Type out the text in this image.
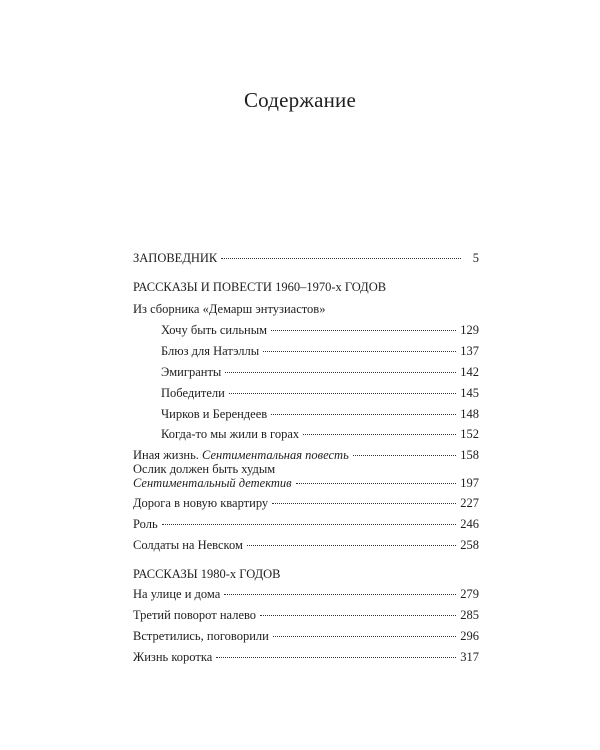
Содержание
ЗАПОВЕДНИК	5
РАССКАЗЫ И ПОВЕСТИ 1960–1970-х ГОДОВ
Из сборника «Демарш энтузиастов»
Хочу быть сильным	129
Блюз для Натэллы	137
Эмигранты	142
Победители	145
Чирков и Берендеев	148
Когда-то мы жили в горах	152
Иная жизнь. Сентиментальная повесть	158
Ослик должен быть худым
Сентиментальный детектив	197
Дорога в новую квартиру	227
Роль	246
Солдаты на Невском	258
РАССКАЗЫ 1980-х ГОДОВ
На улице и дома	279
Третий поворот налево	285
Встретились, поговорили	296
Жизнь коротка	317
